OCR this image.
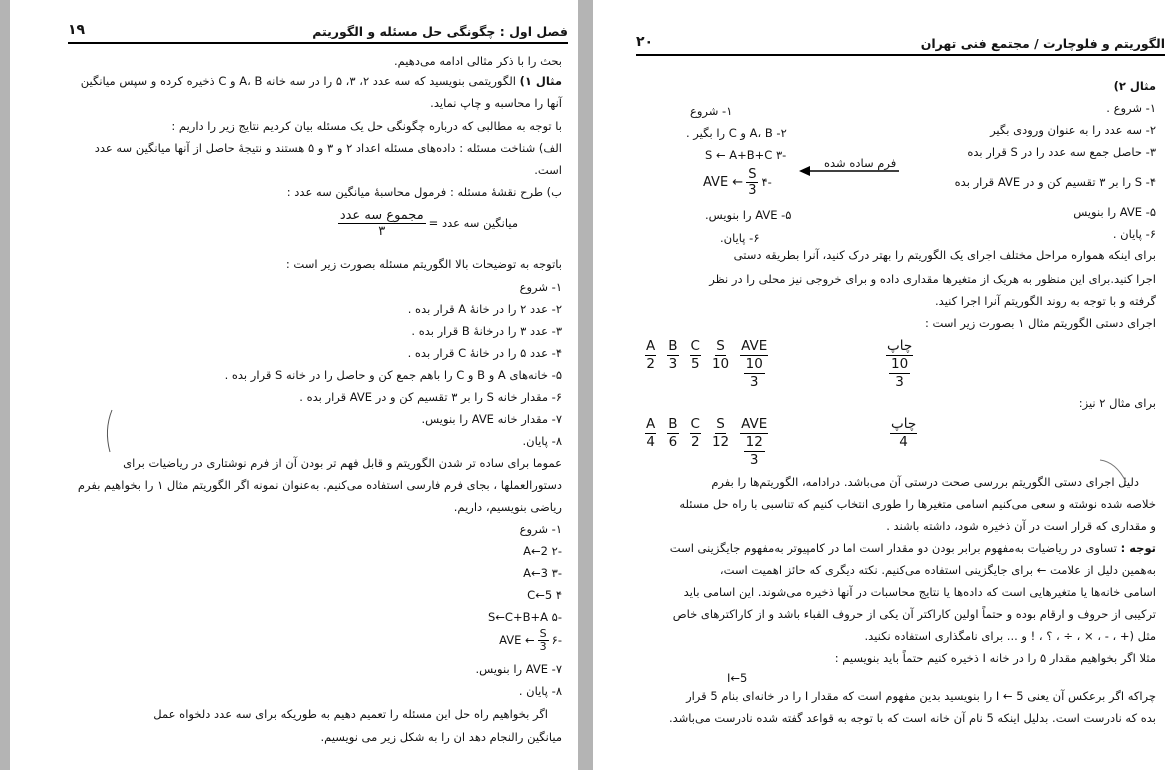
فصل اول : چگونگی حل مسئله و الگوریتم
۱۹
بحث را با ذکر مثالی ادامه می‌دهیم.
مثال ۱) الگوریتمی بنویسید که سه عدد ۲، ۳، ۵ را در سه خانه A، B و C ذخیره کرده و سپس میانگین
آنها را محاسبه و چاپ نماید.
با توجه به مطالبی که درباره چگونگی حل یک مسئله بیان کردیم نتایج زیر را داریم :
الف) شناخت مسئله : داده‌های مسئله اعداد ۲ و ۳ و ۵ هستند و نتیجهٔ حاصل از آنها میانگین سه عدد
است.
ب) طرح نقشهٔ مسئله : فرمول محاسبهٔ میانگین سه عدد :
میانگین سه عدد =
$\frac{\text{مجموع سه عدد}}{۳}$
باتوجه به توضیحات بالا الگوریتم مسئله بصورت زیر است :
۱- شروع
۲- عدد ۲ را در خانهٔ A قرار بده .
۳- عدد ۳ را درخانهٔ B قرار بده .
۴- عدد ۵ را در خانهٔ C قرار بده .
۵- خانه‌های A و B و C را باهم جمع کن و حاصل را در خانه S قرار بده .
۶- مقدار خانه S را بر ۳ تقسیم کن و در AVE قرار بده .
۷- مقدار خانه AVE را بنویس.
۸- پایان.
عموما برای ساده تر شدن الگوریتم و قابل فهم تر بودن آن از فرم نوشتاری در ریاضیات برای
دستورالعملها ، بجای فرم فارسی استفاده می‌کنیم. به‌عنوان نمونه اگر الگوریتم مثال ۱ را بخواهیم بفرم
ریاضی بنویسیم، داریم.
۱- شروع
-۲ A←2
-۳ A←3
۴ C←5
-۵ S←C+B+A
-۶
$\frac{S}{3}$
AVE ←
۷- AVE را بنویس.
۸- پایان .
اگر بخواهیم راه حل این مسئله را تعمیم دهیم به طوریکه برای سه عدد دلخواه عمل
میانگین رالنجام دهد ان را به شکل زیر می نویسیم.
الگوریتم و فلوچارت / مجتمع فنی تهران
۲۰
مثال ۲)
۱- شروع .
۲- سه عدد را به عنوان ورودی بگیر
۳- حاصل جمع سه عدد را در S قرار بده
۴- S را بر ۳ تقسیم کن و در AVE قرار بده
۵- AVE را بنویس
۶- پایان .
۱- شروع
۲- A، B و C را بگیر .
-۳ S ← A+B+C
-۴
$\frac{S}{3}$
AVE ←
۵- AVE را بنویس.
۶- پایان.
فرم ساده شده
برای اینکه همواره مراحل مختلف اجرای یک الگوریتم را بهتر درک کنید، آنرا بطریقه دستی
اجرا کنید.برای این منظور به هریک از متغیرها مقداری داده و برای خروجی نیز محلی را در نظر
گرفته و با توجه به روند الگوریتم آنرا اجرا کنید.
اجرای دستی الگوریتم مثال ۱ بصورت زیر است :
A
2
B
3
C
5
S
10
AVE
$\frac{10}{3}$
چاپ
$\frac{10}{3}$
برای مثال ۲ نیز:
A
4
B
6
C
2
S
12
AVE
$\frac{12}{3}$
چاپ
4
دلیل اجرای دستی الگوریتم بررسی صحت درستی آن می‌باشد. درادامه، الگوریتم‌ها را بفرم
خلاصه شده نوشته و سعی می‌کنیم اسامی متغیرها را طوری انتخاب کنیم که تناسبی با راه حل مسئله
و مقداری که قرار است در آن ذخیره شود، داشته باشند .
توجه : تساوی در ریاضیات به‌مفهوم برابر بودن دو مقدار است اما در کامپیوتر به‌مفهوم جایگزینی است
به‌همین دلیل از علامت ← برای جایگزینی استفاده می‌کنیم. نکته دیگری که حائز اهمیت است،
اسامی خانه‌ها یا متغیرهایی است که داده‌ها یا نتایج محاسبات در آنها ذخیره می‌شوند. این اسامی باید
ترکیبی از حروف و ارقام بوده و حتماً اولین کاراکتر آن یکی از حروف الفباء باشد و از کاراکترهای خاص
مثل (+ ، - ، × ، ÷ ، ؟ ، ! و ... برای نامگذاری استفاده نکنید.
مثلا اگر بخواهیم مقدار ۵ را در خانه I ذخیره کنیم حتماً باید بنویسیم :
I←5
چراکه اگر برعکس آن یعنی 5 ← I را بنویسید بدین مفهوم است که مقدار I را در خانه‌ای بنام 5 قرار
بده که نادرست است. بدلیل اینکه 5 نام آن خانه است که با توجه به قواعد گفته شده نادرست می‌باشد.
